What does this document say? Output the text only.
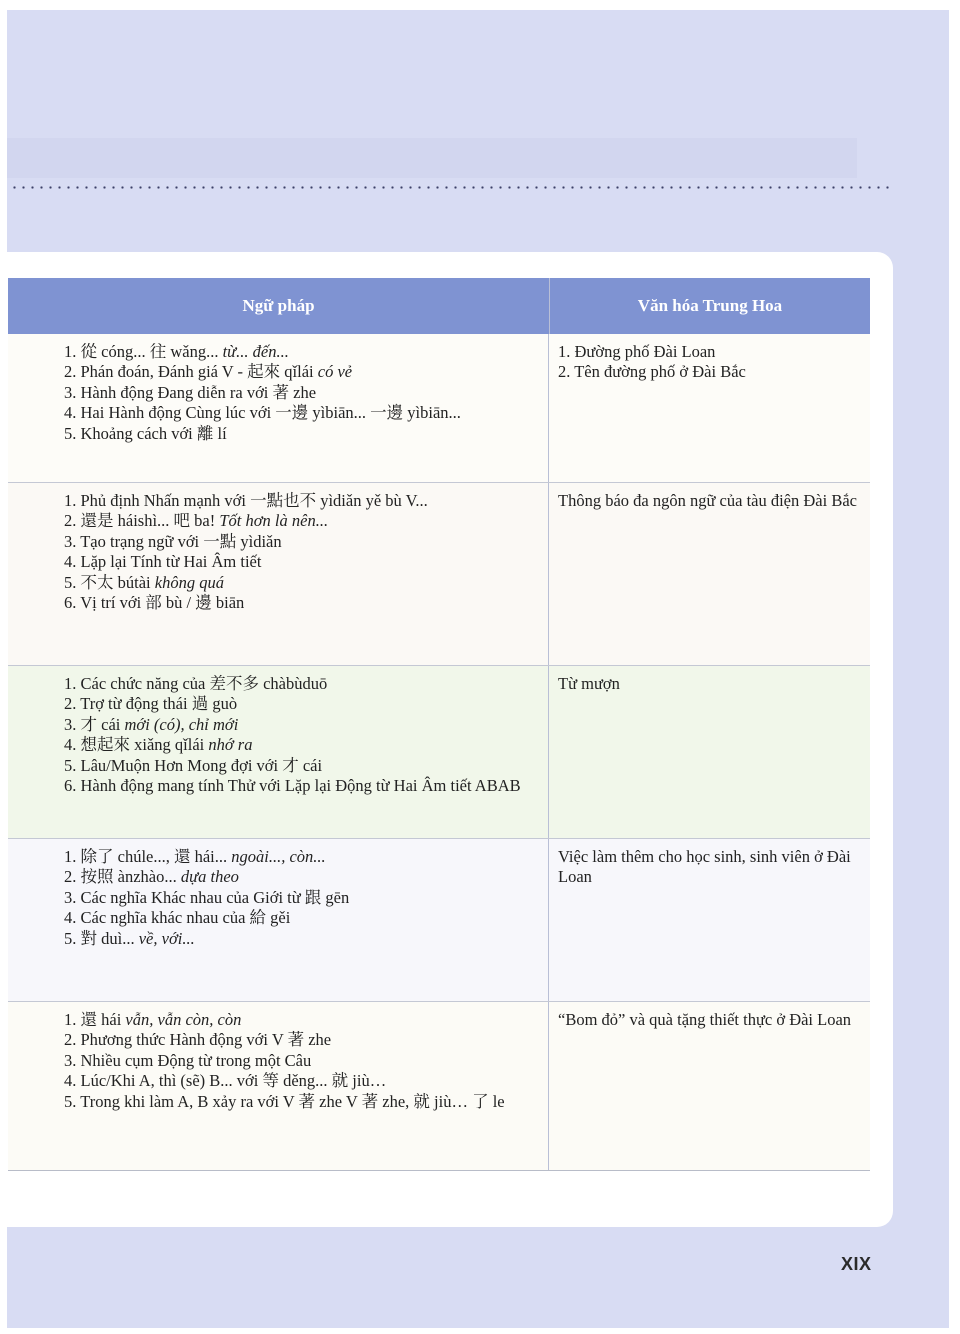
Ngữ pháp	Văn hóa Trung Hoa
1. 從 cóng... 往 wǎng... từ... đến...
2. Phán đoán, Đánh giá V - 起來 qǐlái có vẻ
3. Hành động Đang diễn ra với 著 zhe
4. Hai Hành động Cùng lúc với 一邊 yìbiān... 一邊 yìbiān...
5. Khoảng cách với 離 lí
1. Đường phố Đài Loan
2. Tên đường phố ở Đài Bắc
1. Phủ định Nhấn mạnh với 一點也不 yìdiǎn yě bù V...
2. 還是 háishì... 吧 ba! Tốt hơn là nên...
3. Tạo trạng ngữ với 一點 yìdiǎn
4. Lặp lại Tính từ Hai Âm tiết
5. 不太 bútài không quá
6. Vị trí với 部 bù / 邊 biān
Thông báo đa ngôn ngữ của tàu điện Đài Bắc
1. Các chức năng của 差不多 chàbùduō
2. Trợ từ động thái 過 guò
3. 才 cái mới (có), chỉ mới
4. 想起來 xiǎng qǐlái nhớ ra
5. Lâu/Muộn Hơn Mong đợi với 才 cái
6. Hành động mang tính Thử với Lặp lại Động từ Hai Âm tiết ABAB
Từ mượn
1. 除了 chúle..., 還 hái... ngoài..., còn...
2. 按照 ànzhào... dựa theo
3. Các nghĩa Khác nhau của Giới từ 跟 gēn
4. Các nghĩa khác nhau của 給 gěi
5. 對 duì... về, với...
Việc làm thêm cho học sinh, sinh viên ở Đài Loan
1. 還 hái vẫn, vẫn còn, còn
2. Phương thức Hành động với V 著 zhe
3. Nhiều cụm Động từ trong một Câu
4. Lúc/Khi A, thì (sẽ) B... với 等 děng... 就 jiù…
5. Trong khi làm A, B xảy ra với V 著 zhe V 著 zhe, 就 jiù… 了 le
“Bom đỏ” và quà tặng thiết thực ở Đài Loan
XIX
